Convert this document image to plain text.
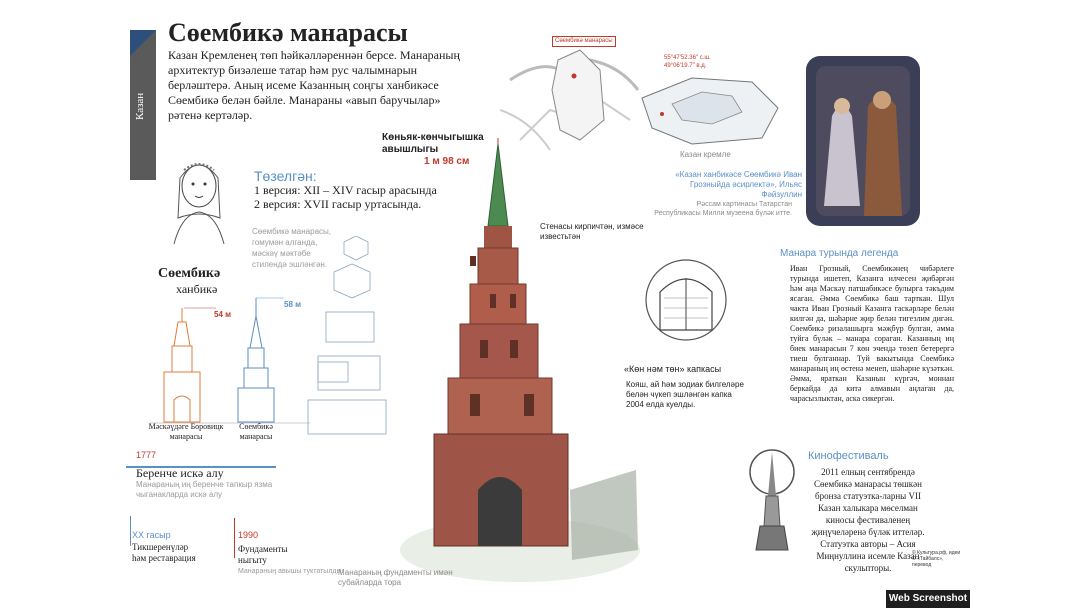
Казан
Сөембикә манарасы
Казан Кремленең төп һәйкәлләреннән берсе. Манараның архитектур бизәлеше татар һәм рус чалымнарын берләштерә. Аның исеме Казанның соңгы ханбикәсе Сөембикә белән бәйле. Манараны «авып баручылар» рәтенә кертәләр.
Сөембикә
ханбикә
Сөембикә манарасы, гомумән алганда, мәскәү мәктәбе стилендә эшләнгән.
Төзелгән:
1 версия: XII – XIV гасыр арасында
2 версия: XVII гасыр уртасында.
Көньяк-көнчыгышка авышлыгы
1 м 98 см
Сөембикә манарасы
55°47'52.36" с.ш.
49°06'19.7" в.д.
Казан кремле
«Казан ханбикәсе Сөембикә Иван Грозныйда әсирлектә», Ильяс Фәйзуллин
Рәссам картинасы Татарстан Республикасы Милли музеена бүләк итте.
Манара турында легенда
Иван Грозный, Сөембикәнең чибәрлеге турында ишетеп, Казанга илчесен җибәргән һәм аңа Мәскәү патшабикәсе булырга тәкъдим ясаган. Әмма Сөембикә баш тарткан. Шул чакта Иван Грозный Казанга гаскәрләре белән килгән да, шәһәрне җир белән тигезлим дигән. Сөембикә ризалашырга мәҗбүр булган, әмма туйга бүләк – манара сораган. Казанның иң биек манарасын 7 көн эчендә төзеп бетерергә тиеш булганнар. Туй вакытында Сөембикә манараның иң өстенә менеп, шәһәрне күзәткән. Әмма, яраткан Казанын күргәч, моннан беркайда да китә алмавын аңлаган да, чарасызлыктан, аска сикергән.
Кинофестиваль
2011 елның сентябрендә Сөембикә манарасы төшкән бронза статуэтка-ларны VII Казан халыкара мөселман киносы фестиваленең җиңүчеләренә бүләк иттеләр. Статуэтка авторы – Асия Миңнуллина исемле Казан скульпторы.
© Культура.рф, идеи © «Тайбалс», перевод
54 м
58 м
Мәскәүдәге Боровицк манарасы
Сөембикә манарасы
Стенасы кирпичтән, измәсе известьтән
«Көн нәм төн» капкасы
Кояш, ай һәм зодиак билгеләре белән чүкеп эшләнгән капка 2004 елда куелды.
Манараның фундаменты имән субайларда тора
1777
Беренче искә алу
Манараның иң беренче тапкыр язма чыганакларда искә алу
XX гасыр
Тикшеренүләр
һәм реставрация
1990
Фундаменты
ныгыту
Манараның авышы туктатылды.
Web Screenshot
